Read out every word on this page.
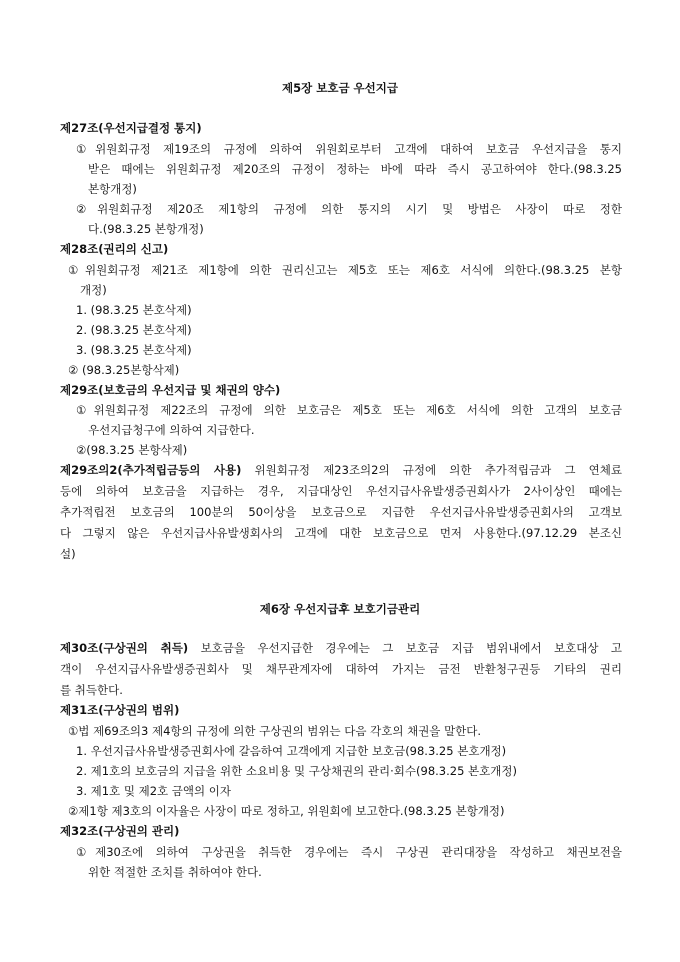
제5장 보호금 우선지급
제27조(우선지급결정 통지)
①위원회규정 제19조의 규정에 의하여 위원회로부터 고객에 대하여 보호금 우선지급을 통지
받은 때에는 위원회규정 제20조의 규정이 정하는 바에 따라 즉시 공고하여야 한다.(98.3.25
본항개정)
②위원회규정 제20조 제1항의 규정에 의한 통지의 시기 및 방법은 사장이 따로 정한
다.(98.3.25 본항개정)
제28조(권리의 신고)
①위원회규정 제21조 제1항에 의한 권리신고는 제5호 또는 제6호 서식에 의한다.(98.3.25 본항
개정)
1. (98.3.25 본호삭제)
2. (98.3.25 본호삭제)
3. (98.3.25 본호삭제)
② (98.3.25본항삭제)
제29조(보호금의 우선지급 및 채권의 양수)
①위원회규정 제22조의 규정에 의한 보호금은 제5호 또는 제6호 서식에 의한 고객의 보호금
우선지급청구에 의하여 지급한다.
②(98.3.25 본항삭제)
제29조의2(추가적립금등의 사용) 위원회규정 제23조의2의 규정에 의한 추가적립금과 그 연체료
등에 의하여 보호금을 지급하는 경우, 지급대상인 우선지급사유발생증권회사가 2사이상인 때에는
추가적립전 보호금의 100분의 50이상을 보호금으로 지급한 우선지급사유발생증권회사의 고객보
다 그렇지 않은 우선지급사유발생회사의 고객에 대한 보호금으로 먼저 사용한다.(97.12.29 본조신
설)
제6장 우선지급후 보호기금관리
제30조(구상권의 취득) 보호금을 우선지급한 경우에는 그 보호금 지급 범위내에서 보호대상 고
객이 우선지급사유발생증권회사 및 채무관계자에 대하여 가지는 금전 반환청구권등 기타의 권리
를 취득한다.
제31조(구상권의 범위)
①법 제69조의3 제4항의 규정에 의한 구상권의 범위는 다음 각호의 채권을 말한다.
1. 우선지급사유발생증권회사에 갈음하여 고객에게 지급한 보호금(98.3.25 본호개정)
2. 제1호의 보호금의 지급을 위한 소요비용 및 구상채권의 관리·회수(98.3.25 본호개정)
3. 제1호 및 제2호 금액의 이자
②제1항 제3호의 이자율은 사장이 따로 정하고, 위원회에 보고한다.(98.3.25 본항개정)
제32조(구상권의 관리)
①제30조에 의하여 구상권을 취득한 경우에는 즉시 구상권 관리대장을 작성하고 채권보전을
위한 적절한 조치를 취하여야 한다.
